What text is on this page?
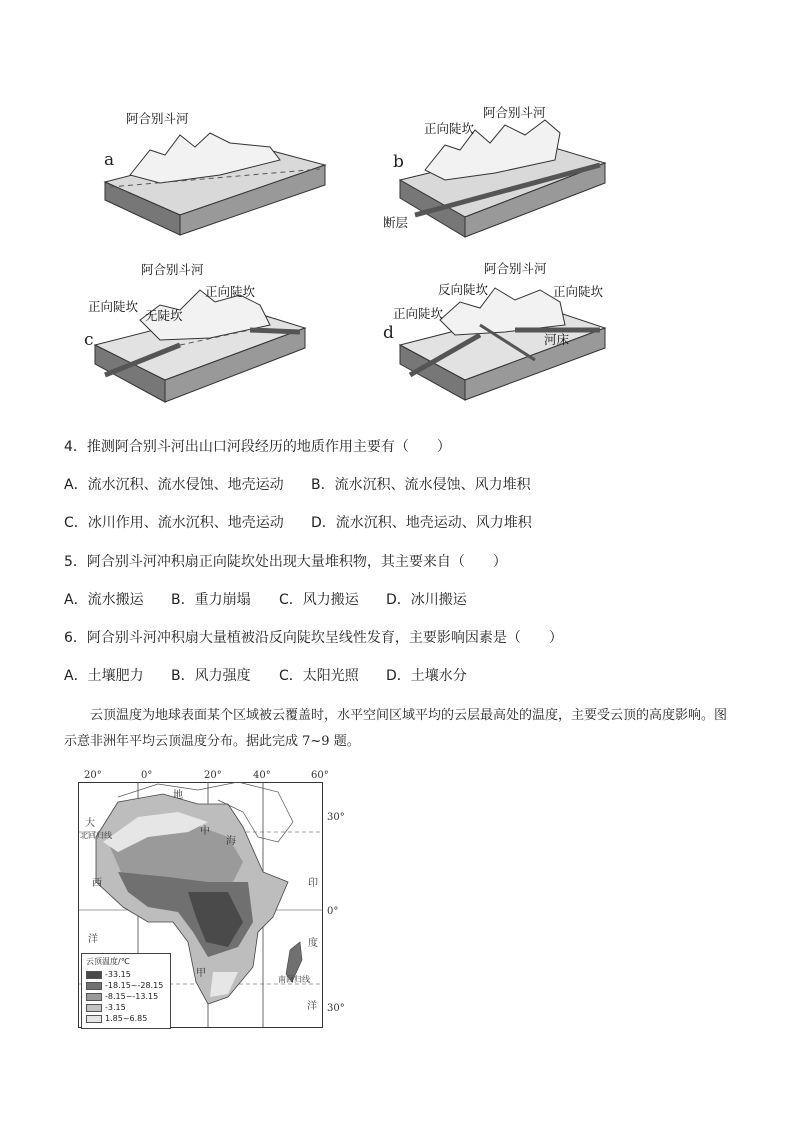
a
阿合别斗河
b
阿合别斗河
正向陡坎
断层
c
阿合别斗河
正向陡坎
无陡坎
正向陡坎
d
阿合别斗河
反向陡坎
正向陡坎
正向陡坎
河床
4．推测阿合别斗河出山口河段经历的地质作用主要有（　　）
A．流水沉积、流水侵蚀、地壳运动 B．流水沉积、流水侵蚀、风力堆积
C．冰川作用、流水沉积、地壳运动 D．流水沉积、地壳运动、风力堆积
5．阿合别斗河冲积扇正向陡坎处出现大量堆积物，其主要来自（　　）
A．流水搬运 B．重力崩塌 C．风力搬运 D．冰川搬运
6．阿合别斗河冲积扇大量植被沿反向陡坎呈线性发育，主要影响因素是（　　）
A．土壤肥力 B．风力强度 C．太阳光照 D．土壤水分
云顶温度为地球表面某个区域被云覆盖时，水平空间区域平均的云层最高处的温度，主要受云顶的高度影响。图示意非洲年平均云顶温度分布。据此完成 7~9 题。
20°	0°	20°	40°	60°
30°
0°
30°
地
中
海
大
北回归线
西
洋
印
度
洋
南回归线
甲
云顶温度/℃
-33.15
-18.15~-28.15
-8.15~-13.15
-3.15
1.85~6.85
